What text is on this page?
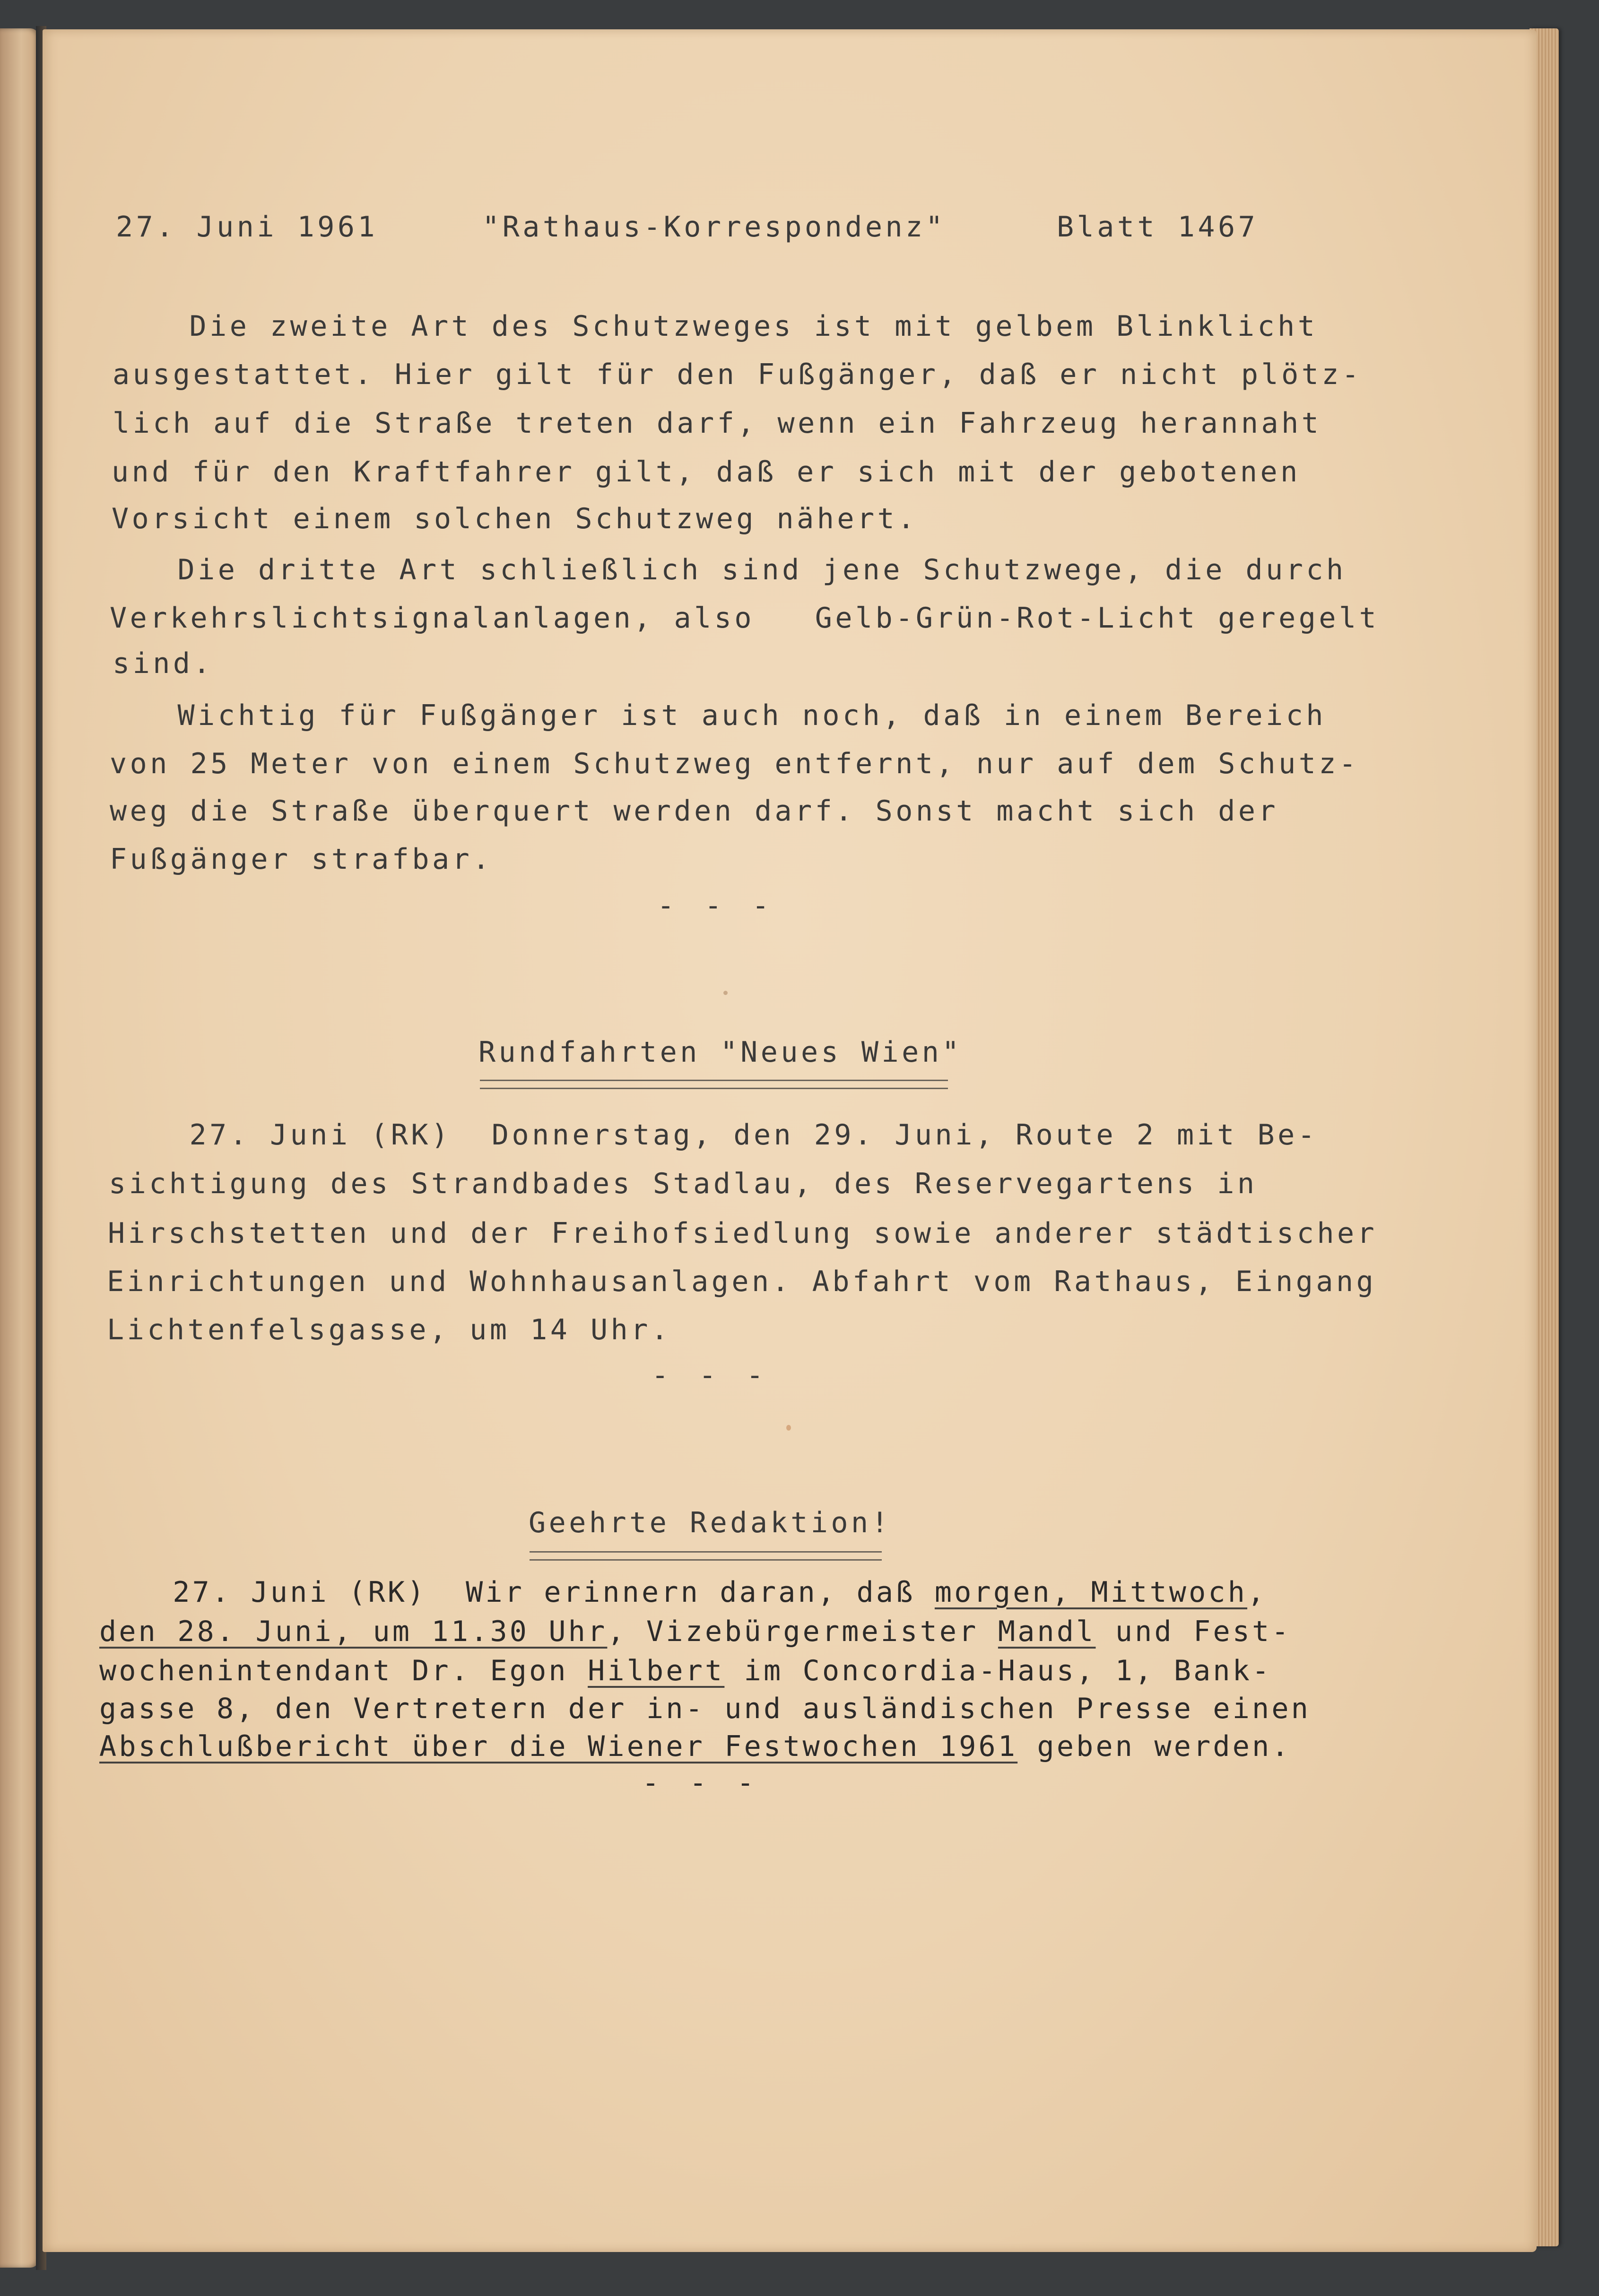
27. Juni 1961	"Rathaus-Korrespondenz"	Blatt 1467
Die zweite Art des Schutzweges ist mit gelbem Blinklicht
ausgestattet. Hier gilt für den Fußgänger, daß er nicht plötz-
lich auf die Straße treten darf, wenn ein Fahrzeug herannaht
und für den Kraftfahrer gilt, daß er sich mit der gebotenen
Vorsicht einem solchen Schutzweg nähert.
Die dritte Art schließlich sind jene Schutzwege, die durch
Verkehrslichtsignalanlagen, also   Gelb-Grün-Rot-Licht geregelt
sind.
Wichtig für Fußgänger ist auch noch, daß in einem Bereich
von 25 Meter von einem Schutzweg entfernt, nur auf dem Schutz-
weg die Straße überquert werden darf. Sonst macht sich der
Fußgänger strafbar.
- - -
Rundfahrten "Neues Wien"
27. Juni (RK)  Donnerstag, den 29. Juni, Route 2 mit Be-
sichtigung des Strandbades Stadlau, des Reservegartens in
Hirschstetten und der Freihofsiedlung sowie anderer städtischer
Einrichtungen und Wohnhausanlagen. Abfahrt vom Rathaus, Eingang
Lichtenfelsgasse, um 14 Uhr.
- - -
Geehrte Redaktion!
27. Juni (RK)  Wir erinnern daran, daß morgen, Mittwoch,
den 28. Juni, um 11.30 Uhr, Vizebürgermeister Mandl und Fest-
wochenintendant Dr. Egon Hilbert im Concordia-Haus, 1, Bank-
gasse 8, den Vertretern der in- und ausländischen Presse einen
Abschlußbericht über die Wiener Festwochen 1961 geben werden.
- - -
